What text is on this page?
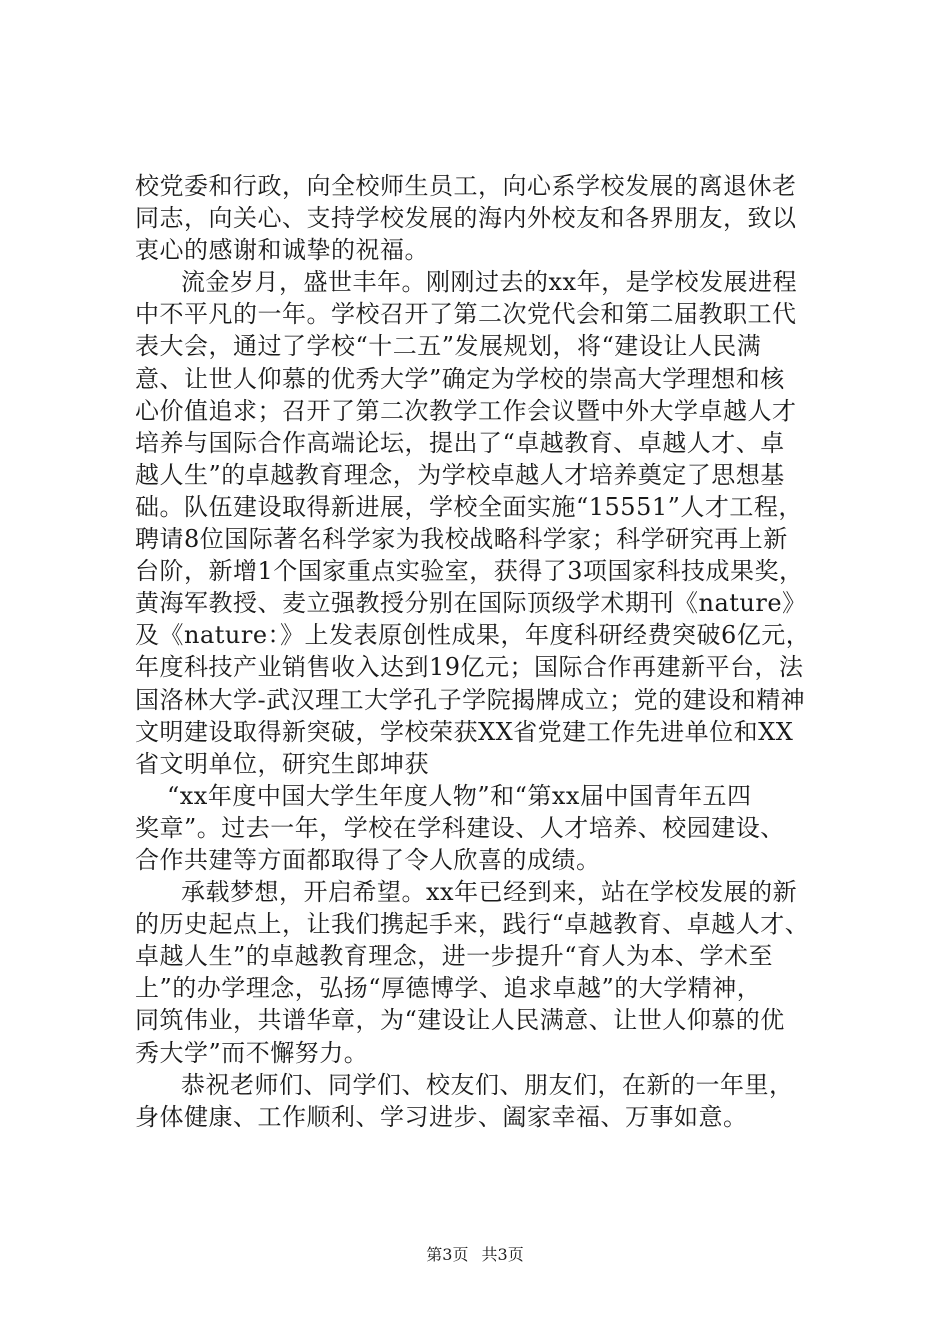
校党委和行政，向全校师生员工，向心系学校发展的离退休老
同志，向关心、支持学校发展的海内外校友和各界朋友，致以
衷心的感谢和诚挚的祝福。
流金岁月，盛世丰年。刚刚过去的xx年，是学校发展进程
中不平凡的一年。学校召开了第二次党代会和第二届教职工代
表大会，通过了学校“十二五”发展规划，将“建设让人民满
意、让世人仰慕的优秀大学”确定为学校的崇高大学理想和核
心价值追求；召开了第二次教学工作会议暨中外大学卓越人才
培养与国际合作高端论坛，提出了“卓越教育、卓越人才、卓
越人生”的卓越教育理念，为学校卓越人才培养奠定了思想基
础。队伍建设取得新进展，学校全面实施“15551”人才工程，
聘请8位国际著名科学家为我校战略科学家；科学研究再上新
台阶，新增1个国家重点实验室，获得了3项国家科技成果奖，
黄海军教授、麦立强教授分别在国际顶级学术期刊《nature》
及《nature：》上发表原创性成果，年度科研经费突破6亿元，
年度科技产业销售收入达到19亿元；国际合作再建新平台，法
国洛林大学-武汉理工大学孔子学院揭牌成立；党的建设和精神
文明建设取得新突破，学校荣获XX省党建工作先进单位和XX
省文明单位，研究生郎坤获
“xx年度中国大学生年度人物”和“第xx届中国青年五四
奖章”。过去一年，学校在学科建设、人才培养、校园建设、
合作共建等方面都取得了令人欣喜的成绩。
承载梦想，开启希望。xx年已经到来，站在学校发展的新
的历史起点上，让我们携起手来，践行“卓越教育、卓越人才、
卓越人生”的卓越教育理念，进一步提升“育人为本、学术至
上”的办学理念，弘扬“厚德博学、追求卓越”的大学精神，
同筑伟业，共谱华章，为“建设让人民满意、让世人仰慕的优
秀大学”而不懈努力。
恭祝老师们、同学们、校友们、朋友们，在新的一年里，
身体健康、工作顺利、学习进步、阖家幸福、万事如意。
第3页 共3页
